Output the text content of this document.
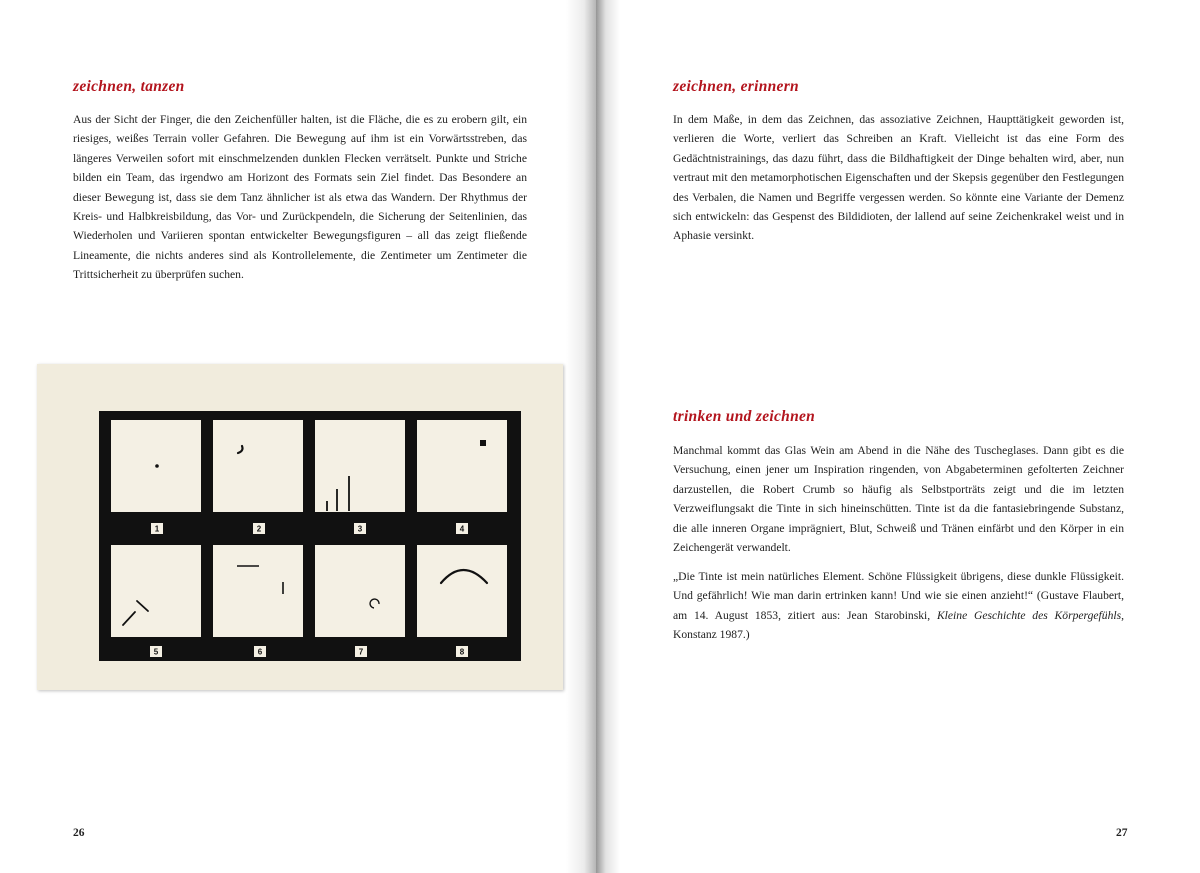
zeichnen, tanzen

Aus der Sicht der Finger, die den Zeichenfüller halten, ist die Fläche, die es zu erobern gilt, ein riesiges, weißes Terrain voller Gefahren. Die Bewegung auf ihm ist ein Vorwärtsstreben, das längeres Verweilen sofort mit einschmelzenden dunklen Flecken verrätselt. Punkte und Striche bilden ein Team, das irgendwo am Horizont des Formats sein Ziel findet. Das Besondere an dieser Bewegung ist, dass sie dem Tanz ähnlicher ist als etwa das Wandern. Der Rhythmus der Kreis- und Halbkreisbildung, das Vor- und Zurückpendeln, die Sicherung der Seitenlinien, das Wiederholen und Variieren spontan entwickelter Bewegungsfiguren – all das zeigt fließende Lineamente, die nichts anderes sind als Kontrollelemente, die Zentimeter um Zentimeter die Trittsicherheit zu überprüfen suchen.

1	2	3	4
5	6	7	8

26

zeichnen, erinnern

In dem Maße, in dem das Zeichnen, das assoziative Zeichnen, Haupttätigkeit geworden ist, verlieren die Worte, verliert das Schreiben an Kraft. Vielleicht ist das eine Form des Gedächtnistrainings, das dazu führt, dass die Bildhaftigkeit der Dinge behalten wird, aber, nun vertraut mit den metamorphotischen Eigenschaften und der Skepsis gegenüber den Festlegungen des Verbalen, die Namen und Begriffe vergessen werden. So könnte eine Variante der Demenz sich entwickeln: das Gespenst des Bildidioten, der lallend auf seine Zeichenkrakel weist und in Aphasie versinkt.

trinken und zeichnen

Manchmal kommt das Glas Wein am Abend in die Nähe des Tuscheglases. Dann gibt es die Versuchung, einen jener um Inspiration ringenden, von Abgabeterminen gefolterten Zeichner darzustellen, die Robert Crumb so häufig als Selbstporträts zeigt und die im letzten Verzweiflungsakt die Tinte in sich hineinschütten. Tinte ist da die fantasiebringende Substanz, die alle inneren Organe imprägniert, Blut, Schweiß und Tränen einfärbt und den Körper in ein Zeichengerät verwandelt.

„Die Tinte ist mein natürliches Element. Schöne Flüssigkeit übrigens, diese dunkle Flüssigkeit. Und gefährlich! Wie man darin ertrinken kann! Und wie sie einen anzieht!“ (Gustave Flaubert, am 14. August 1853, zitiert aus: Jean Starobinski, Kleine Geschichte des Körpergefühls, Konstanz 1987.)

27
